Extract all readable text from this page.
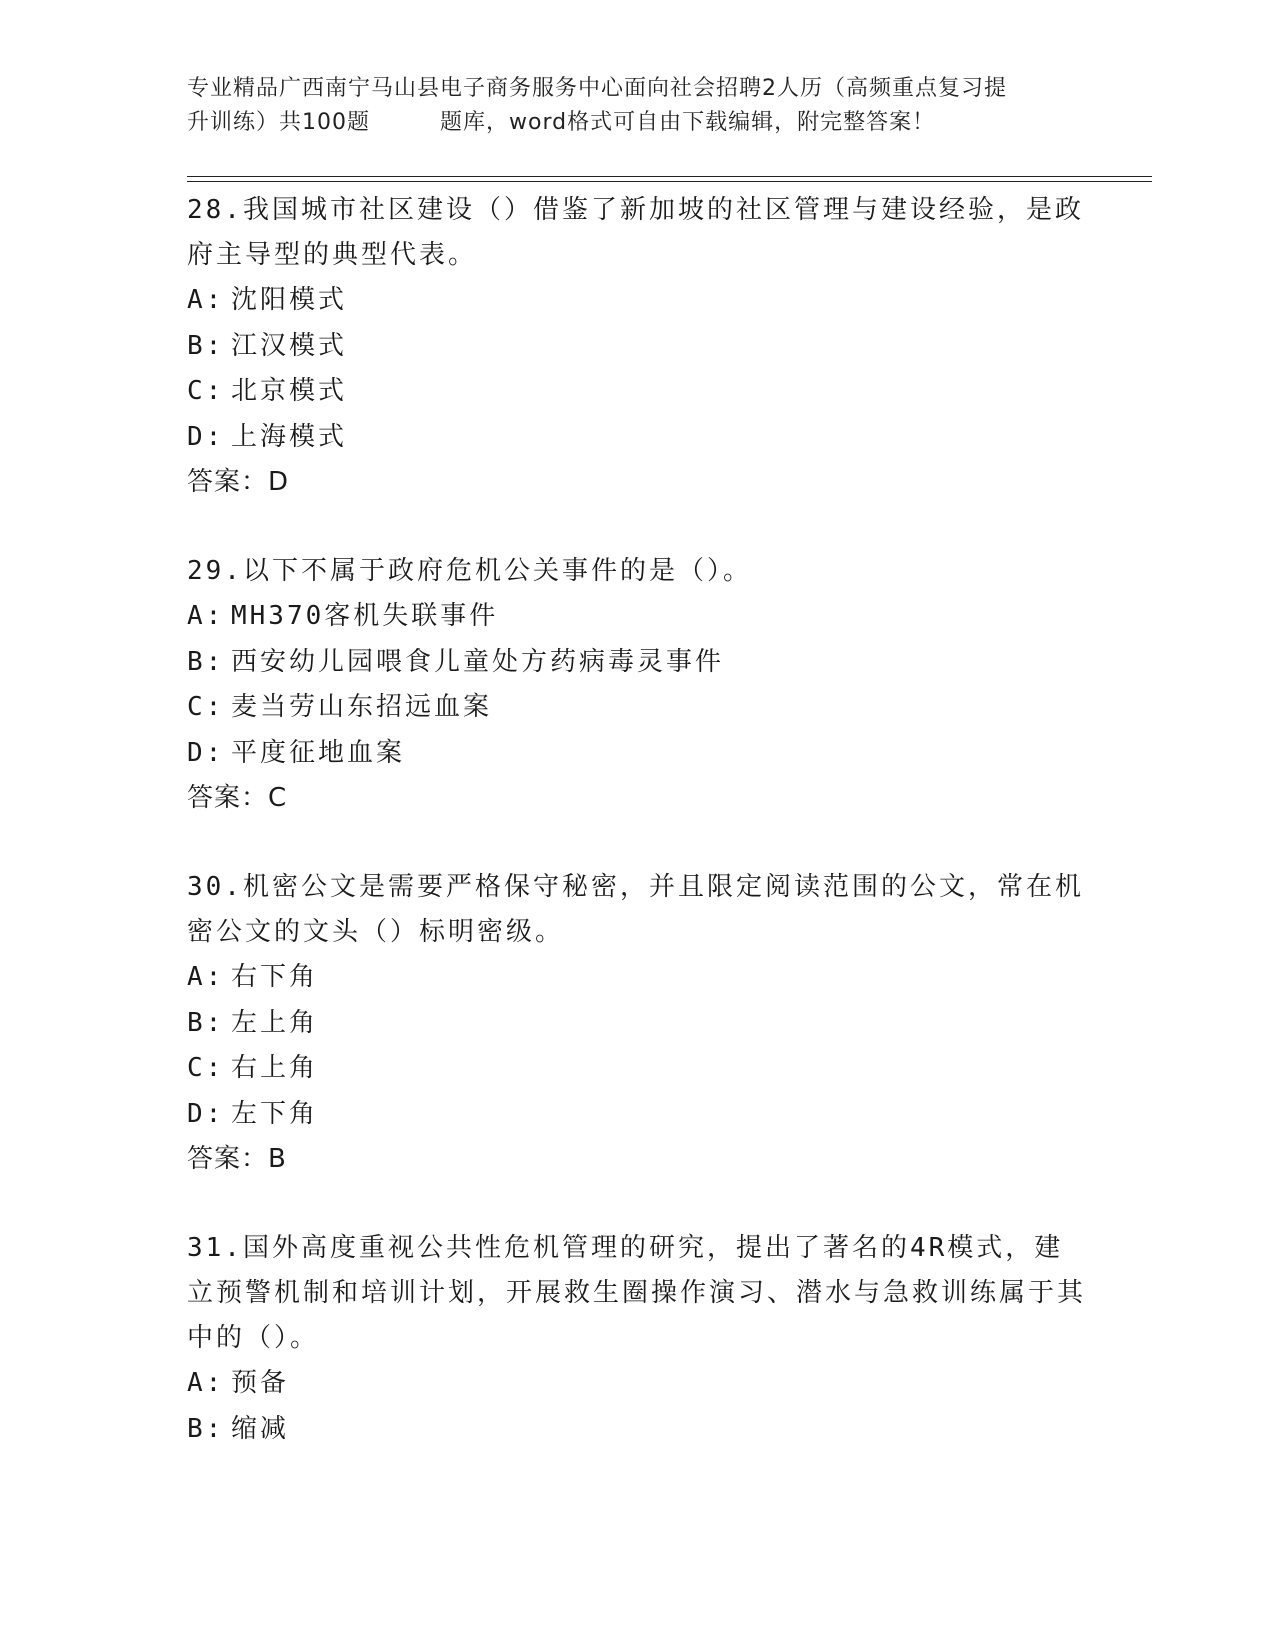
专业精品广西南宁马山县电子商务服务中心面向社会招聘2人历（高频重点复习提
升训练）共100题	题库，word格式可自由下载编辑，附完整答案！

28.我国城市社区建设（）借鉴了新加坡的社区管理与建设经验，是政府主导型的典型代表。

A: 沈阳模式

B: 江汉模式

C: 北京模式

D: 上海模式

答案：D

29.以下不属于政府危机公关事件的是（）。

A: MH370客机失联事件

B: 西安幼儿园喂食儿童处方药病毒灵事件

C: 麦当劳山东招远血案

D: 平度征地血案

答案：C

30.机密公文是需要严格保守秘密，并且限定阅读范围的公文，常在机密公文的文头（）标明密级。

A: 右下角

B: 左上角

C: 右上角

D: 左下角

答案：B

31.国外高度重视公共性危机管理的研究，提出了著名的4R模式，建立预警机制和培训计划，开展救生圈操作演习、潜水与急救训练属于其中的（）。

A: 预备

B: 缩减
